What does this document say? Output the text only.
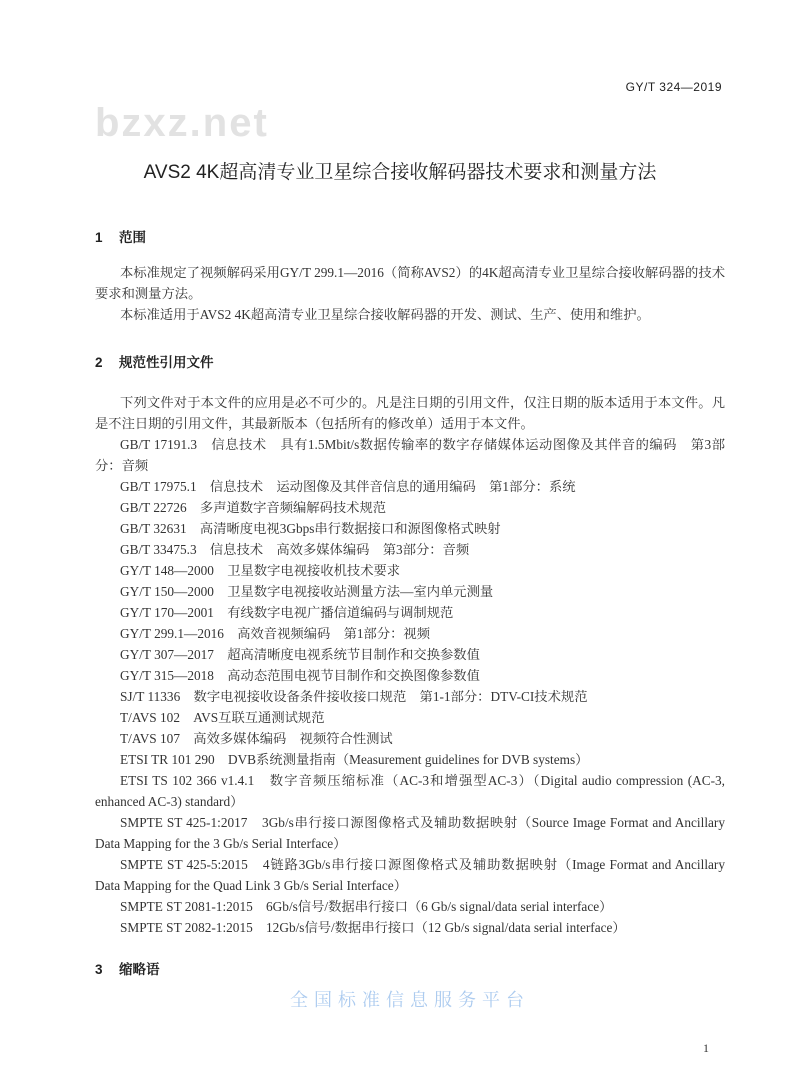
GY/T 324—2019
bzxz.net
AVS2 4K超高清专业卫星综合接收解码器技术要求和测量方法
1 范围

本标准规定了视频解码采用GY/T 299.1—2016（简称AVS2）的4K超高清专业卫星综合接收解码器的技术要求和测量方法。

本标准适用于AVS2 4K超高清专业卫星综合接收解码器的开发、测试、生产、使用和维护。

2 规范性引用文件

下列文件对于本文件的应用是必不可少的。凡是注日期的引用文件，仅注日期的版本适用于本文件。凡是不注日期的引用文件，其最新版本（包括所有的修改单）适用于本文件。

GB/T 17191.3　信息技术　具有1.5Mbit/s数据传输率的数字存储媒体运动图像及其伴音的编码　第3部分：音频

GB/T 17975.1　信息技术　运动图像及其伴音信息的通用编码　第1部分：系统

GB/T 22726　多声道数字音频编解码技术规范

GB/T 32631　高清晰度电视3Gbps串行数据接口和源图像格式映射

GB/T 33475.3　信息技术　高效多媒体编码　第3部分：音频

GY/T 148—2000　卫星数字电视接收机技术要求

GY/T 150—2000　卫星数字电视接收站测量方法—室内单元测量

GY/T 170—2001　有线数字电视广播信道编码与调制规范

GY/T 299.1—2016　高效音视频编码　第1部分：视频

GY/T 307—2017　超高清晰度电视系统节目制作和交换参数值

GY/T 315—2018　高动态范围电视节目制作和交换图像参数值

SJ/T 11336　数字电视接收设备条件接收接口规范　第1-1部分：DTV-CI技术规范

T/AVS 102　AVS互联互通测试规范

T/AVS 107　高效多媒体编码　视频符合性测试

ETSI TR 101 290　DVB系统测量指南（Measurement guidelines for DVB systems）

ETSI TS 102 366 v1.4.1　数字音频压缩标准（AC-3和增强型AC-3）（Digital audio compression (AC-3, enhanced AC-3) standard）

SMPTE ST 425-1:2017　3Gb/s串行接口源图像格式及辅助数据映射（Source Image Format and Ancillary Data Mapping for the 3 Gb/s Serial Interface）

SMPTE ST 425-5:2015　4链路3Gb/s串行接口源图像格式及辅助数据映射（Image Format and Ancillary Data Mapping for the Quad Link 3 Gb/s Serial Interface）

SMPTE ST 2081-1:2015　6Gb/s信号/数据串行接口（6 Gb/s signal/data serial interface）

SMPTE ST 2082-1:2015　12Gb/s信号/数据串行接口（12 Gb/s signal/data serial interface）

3 缩略语
全国标准信息服务平台
1
